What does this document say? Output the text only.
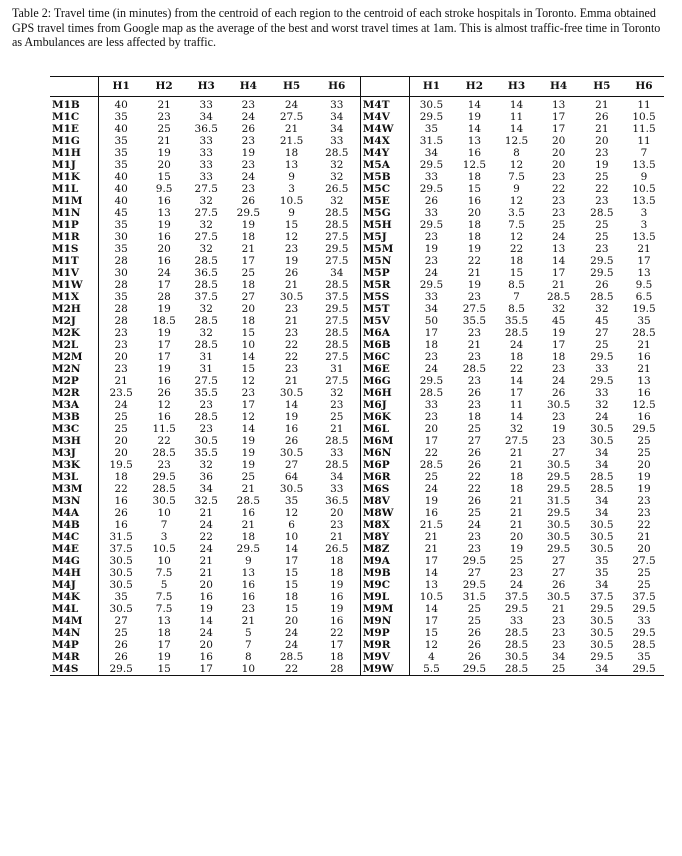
Table 2: Travel time (in minutes) from the centroid of each region to the centroid of each stroke hospitals in Toronto. Emma obtained GPS travel times from Google map as the average of the best and worst travel times at 1am. This is almost traffic-free time in Toronto as Ambulances are less affected by traffic.
	H1	H2	H3	H4	H5	H6		H1	H2	H3	H4	H5	H6
M1B	40	21	33	23	24	33	M4T	30.5	14	14	13	21	11
M1C	35	23	34	24	27.5	34	M4V	29.5	19	11	17	26	10.5
M1E	40	25	36.5	26	21	34	M4W	35	14	14	17	21	11.5
M1G	35	21	33	23	21.5	33	M4X	31.5	13	12.5	20	20	11
M1H	35	19	33	19	18	28.5	M4Y	34	16	8	20	23	7
M1J	35	20	33	23	13	32	M5A	29.5	12.5	12	20	19	13.5
M1K	40	15	33	24	9	32	M5B	33	18	7.5	23	25	9
M1L	40	9.5	27.5	23	3	26.5	M5C	29.5	15	9	22	22	10.5
M1M	40	16	32	26	10.5	32	M5E	26	16	12	23	23	13.5
M1N	45	13	27.5	29.5	9	28.5	M5G	33	20	3.5	23	28.5	3
M1P	35	19	32	19	15	28.5	M5H	29.5	18	7.5	25	25	3
M1R	30	16	27.5	18	12	27.5	M5J	23	18	12	24	25	13.5
M1S	35	20	32	21	23	29.5	M5M	19	19	22	13	23	21
M1T	28	16	28.5	17	19	27.5	M5N	23	22	18	14	29.5	17
M1V	30	24	36.5	25	26	34	M5P	24	21	15	17	29.5	13
M1W	28	17	28.5	18	21	28.5	M5R	29.5	19	8.5	21	26	9.5
M1X	35	28	37.5	27	30.5	37.5	M5S	33	23	7	28.5	28.5	6.5
M2H	28	19	32	20	23	29.5	M5T	34	27.5	8.5	32	32	19.5
M2J	28	18.5	28.5	18	21	27.5	M5V	50	35.5	35.5	45	45	35
M2K	23	19	32	15	23	28.5	M6A	17	23	28.5	19	27	28.5
M2L	23	17	28.5	10	22	28.5	M6B	18	21	24	17	25	21
M2M	20	17	31	14	22	27.5	M6C	23	23	18	18	29.5	16
M2N	23	19	31	15	23	31	M6E	24	28.5	22	23	33	21
M2P	21	16	27.5	12	21	27.5	M6G	29.5	23	14	24	29.5	13
M2R	23.5	26	35.5	23	30.5	32	M6H	28.5	26	17	26	33	16
M3A	24	12	23	17	14	23	M6J	33	23	11	30.5	32	12.5
M3B	25	16	28.5	12	19	25	M6K	23	18	14	23	24	16
M3C	25	11.5	23	14	16	21	M6L	20	25	32	19	30.5	29.5
M3H	20	22	30.5	19	26	28.5	M6M	17	27	27.5	23	30.5	25
M3J	20	28.5	35.5	19	30.5	33	M6N	22	26	21	27	34	25
M3K	19.5	23	32	19	27	28.5	M6P	28.5	26	21	30.5	34	20
M3L	18	29.5	36	25	64	34	M6R	25	22	18	29.5	28.5	19
M3M	22	28.5	34	21	30.5	33	M6S	24	22	18	29.5	28.5	19
M3N	16	30.5	32.5	28.5	35	36.5	M8V	19	26	21	31.5	34	23
M4A	26	10	21	16	12	20	M8W	16	25	21	29.5	34	23
M4B	16	7	24	21	6	23	M8X	21.5	24	21	30.5	30.5	22
M4C	31.5	3	22	18	10	21	M8Y	21	23	20	30.5	30.5	21
M4E	37.5	10.5	24	29.5	14	26.5	M8Z	21	23	19	29.5	30.5	20
M4G	30.5	10	21	9	17	18	M9A	17	29.5	25	27	35	27.5
M4H	30.5	7.5	21	13	15	18	M9B	14	27	23	27	35	25
M4J	30.5	5	20	16	15	19	M9C	13	29.5	24	26	34	25
M4K	35	7.5	16	16	18	16	M9L	10.5	31.5	37.5	30.5	37.5	37.5
M4L	30.5	7.5	19	23	15	19	M9M	14	25	29.5	21	29.5	29.5
M4M	27	13	14	21	20	16	M9N	17	25	33	23	30.5	33
M4N	25	18	24	5	24	22	M9P	15	26	28.5	23	30.5	29.5
M4P	26	17	20	7	24	17	M9R	12	26	28.5	23	30.5	28.5
M4R	26	19	16	8	28.5	18	M9V	4	26	30.5	34	29.5	35
M4S	29.5	15	17	10	22	28	M9W	5.5	29.5	28.5	25	34	29.5
